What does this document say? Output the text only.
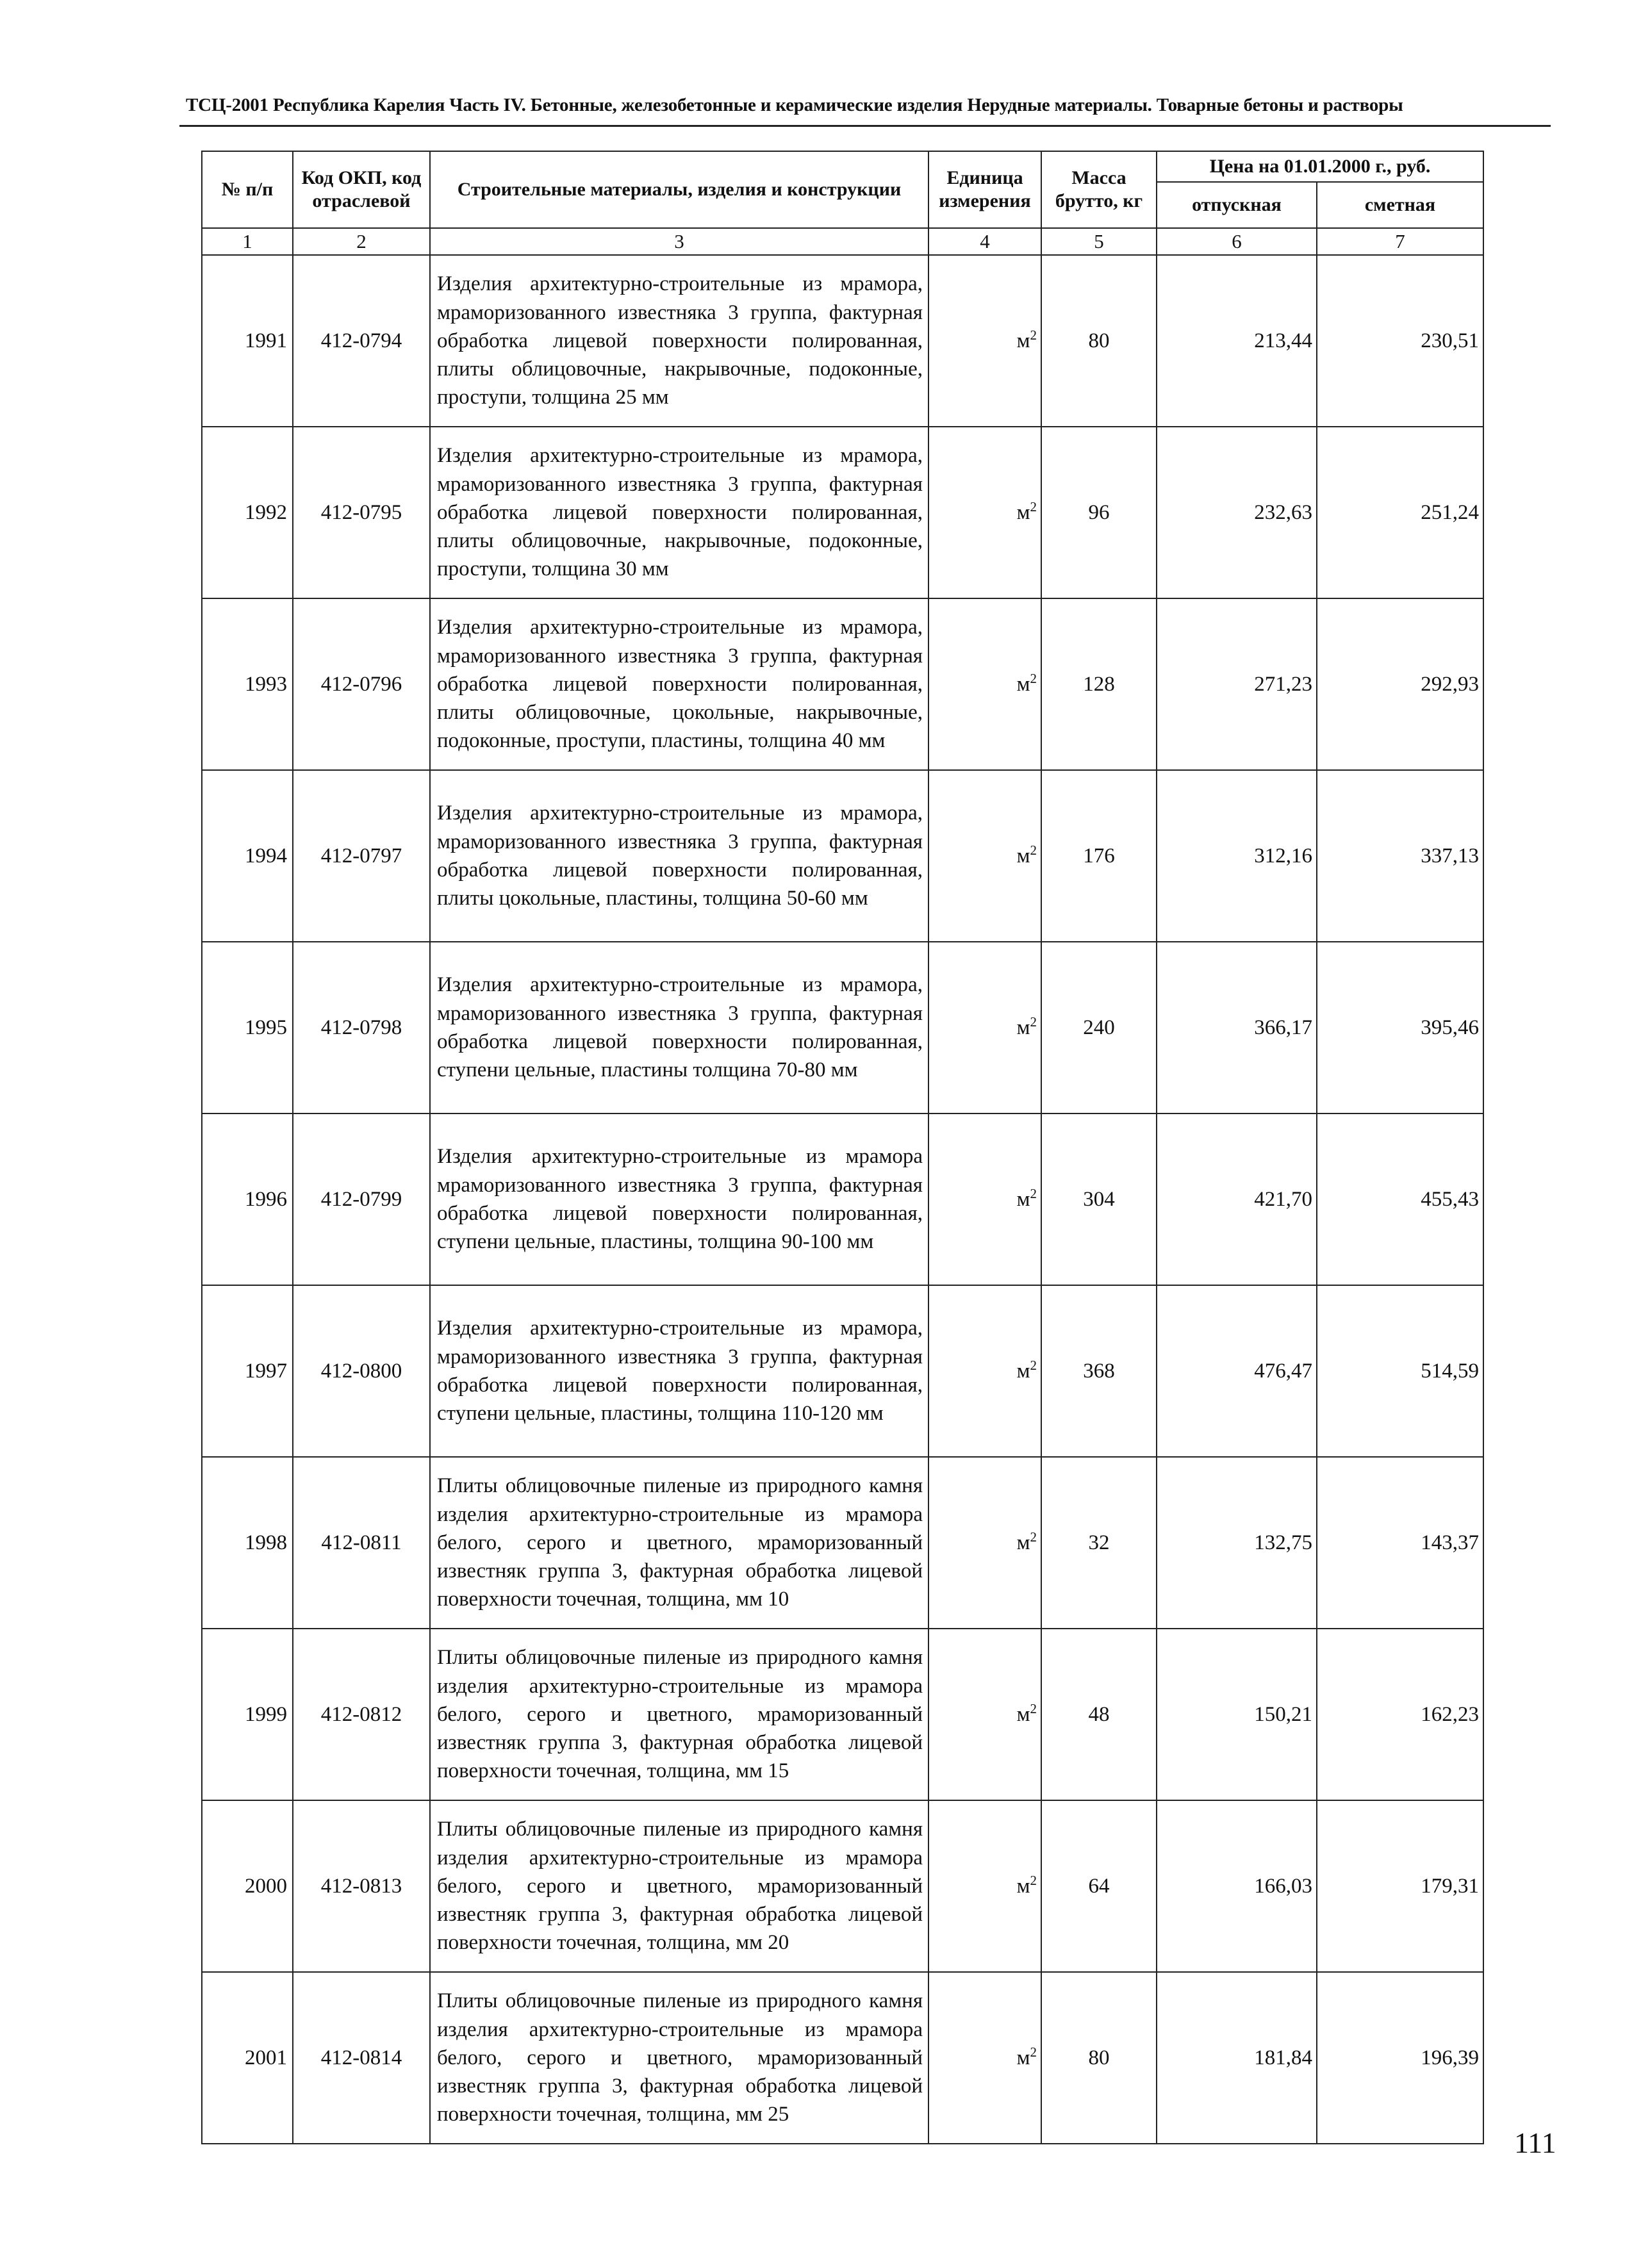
ТСЦ-2001 Республика Карелия Часть IV. Бетонные, железобетонные и керамические изделия Нерудные материалы. Товарные бетоны и растворы
№ п/п	Код ОКП, код отраслевой	Строительные материалы, изделия и конструкции	Единица измерения	Масса брутто, кг	Цена на 01.01.2000 г., руб.	
					отпускная	сметная
1	2	3	4	5	6	7
1991	412-0794	Изделия архитектурно-строительные из мрамора, мраморизованного известняка 3 группа, фактурная обработка лицевой поверхности полированная, плиты облицовочные, накрывочные, подоконные, проступи, толщина 25 мм	$м^2$	80	213,44	230,51
1992	412-0795	Изделия архитектурно-строительные из мрамора, мраморизованного известняка 3 группа, фактурная обработка лицевой поверхности полированная, плиты облицовочные, накрывочные, подоконные, проступи, толщина 30 мм	$м^2$	96	232,63	251,24
1993	412-0796	Изделия архитектурно-строительные из мрамора, мраморизованного известняка 3 группа, фактурная обработка лицевой поверхности полированная, плиты облицовочные, цокольные, накрывочные, подоконные, проступи, пластины, толщина 40 мм	$м^2$	128	271,23	292,93
1994	412-0797	Изделия архитектурно-строительные из мрамора, мраморизованного известняка 3 группа, фактурная обработка лицевой поверхности полированная, плиты цокольные, пластины, толщина 50-60 мм	$м^2$	176	312,16	337,13
1995	412-0798	Изделия архитектурно-строительные из мрамора, мраморизованного известняка 3 группа, фактурная обработка лицевой поверхности полированная, ступени цельные, пластины толщина 70-80 мм	$м^2$	240	366,17	395,46
1996	412-0799	Изделия архитектурно-строительные из мрамора мраморизованного известняка 3 группа, фактурная обработка лицевой поверхности полированная, ступени цельные, пластины, толщина 90-100 мм	$м^2$	304	421,70	455,43
1997	412-0800	Изделия архитектурно-строительные из мрамора, мраморизованного известняка 3 группа, фактурная обработка лицевой поверхности полированная, ступени цельные, пластины, толщина 110-120 мм	$м^2$	368	476,47	514,59
1998	412-0811	Плиты облицовочные пиленые из природного камня изделия архитектурно-строительные из мрамора белого, серого и цветного, мраморизованный известняк группа 3, фактурная обработка лицевой поверхности точечная, толщина, мм 10	$м^2$	32	132,75	143,37
1999	412-0812	Плиты облицовочные пиленые из природного камня изделия архитектурно-строительные из мрамора белого, серого и цветного, мраморизованный известняк группа 3, фактурная обработка лицевой поверхности точечная, толщина, мм 15	$м^2$	48	150,21	162,23
2000	412-0813	Плиты облицовочные пиленые из природного камня изделия архитектурно-строительные из мрамора белого, серого и цветного, мраморизованный известняк группа 3, фактурная обработка лицевой поверхности точечная, толщина, мм 20	$м^2$	64	166,03	179,31
2001	412-0814	Плиты облицовочные пиленые из природного камня изделия архитектурно-строительные из мрамора белого, серого и цветного, мраморизованный известняк группа 3, фактурная обработка лицевой поверхности точечная, толщина, мм 25	$м^2$	80	181,84	196,39
111
